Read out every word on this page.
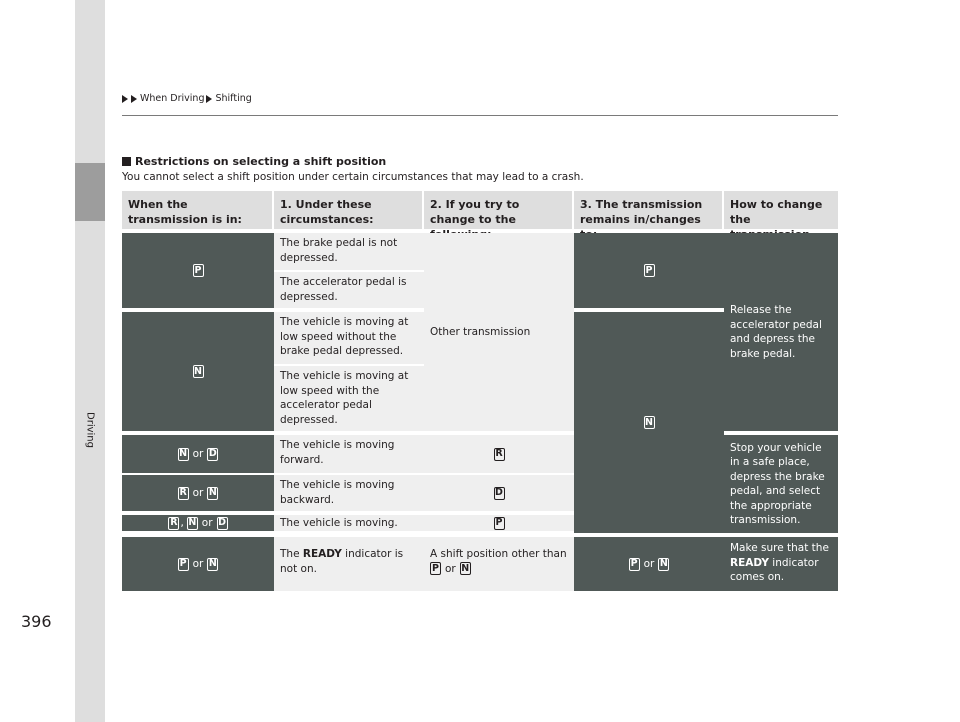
When Driving Shifting
Driving
396
Restrictions on selecting a shift position
You cannot select a shift position under certain circumstances that may lead to a crash.
When the transmission is in:
1. Under these circumstances:
2. If you try to change to the
3. The transmission remains in/changes
How to change the
P
N
N or D
R or N
R , N or D
P or N
The brake pedal is not depressed.
The accelerator pedal is depressed.
The vehicle is moving at low speed without the brake pedal depressed.
The vehicle is moving at low speed with the accelerator pedal depressed.
The vehicle is moving forward.
The vehicle is moving backward.
The vehicle is moving.
The READY indicator is not on.
Other transmission
R
D
P
A shift position other than
P or N
P
N
P or N
Release the accelerator pedal and depress the brake pedal.
Stop your vehicle in a safe place, depress the brake pedal, and select the appropriate transmission.
Make sure that the READY indicator comes on.
